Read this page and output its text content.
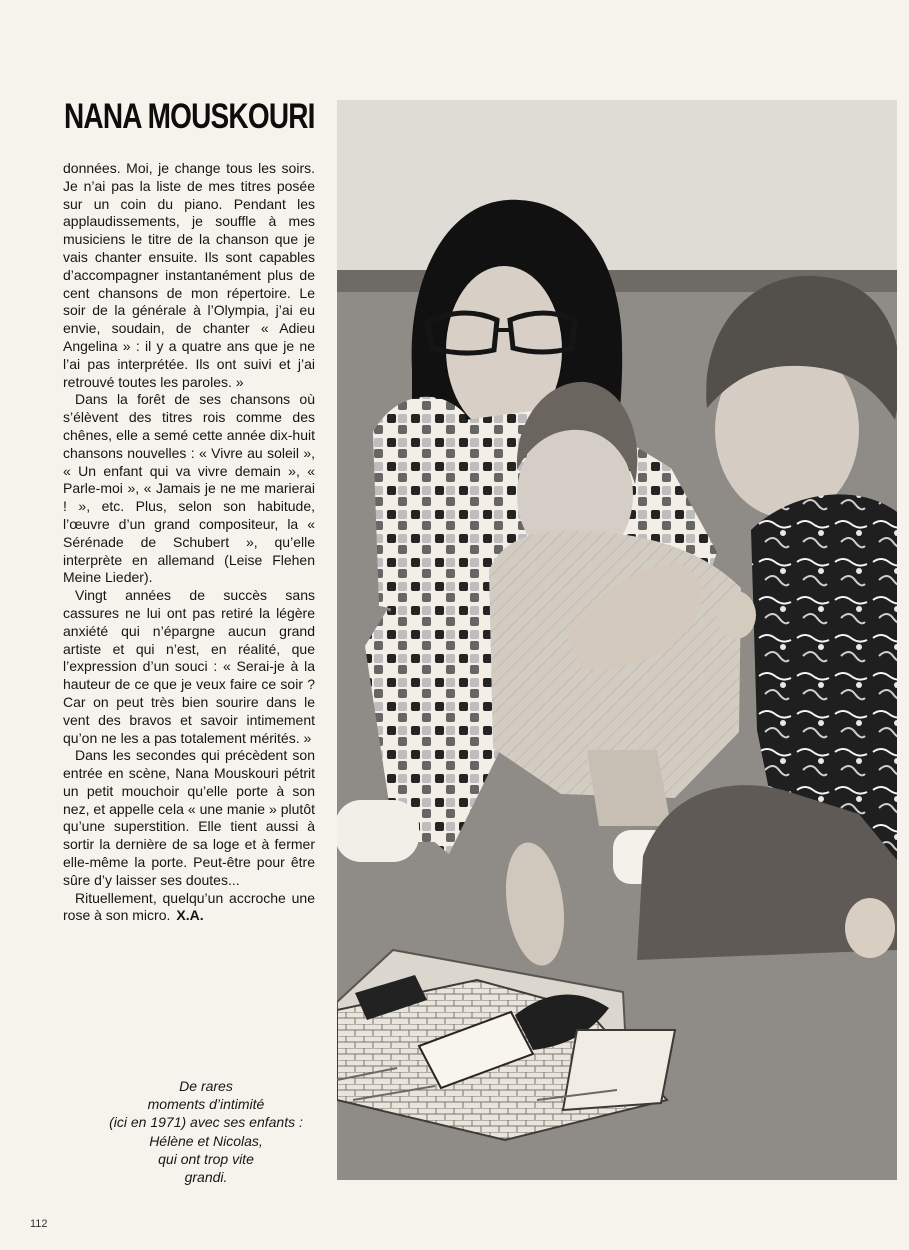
NANA MOUSKOURI

données. Moi, je change tous les soirs. Je n’ai pas la liste de mes titres posée sur un coin du piano. Pendant les applaudissements, je souffle à mes musiciens le titre de la chanson que je vais chanter ensuite. Ils sont capables d’accompagner instantanément plus de cent chansons de mon répertoire. Le soir de la générale à l’Olympia, j’ai eu envie, soudain, de chanter « Adieu Angelina » : il y a quatre ans que je ne l’ai pas interprétée. Ils ont suivi et j’ai retrouvé toutes les paroles. »

Dans la forêt de ses chansons où s’élèvent des titres rois comme des chênes, elle a semé cette année dix-huit chansons nouvelles : « Vivre au soleil », « Un enfant qui va vivre demain », « Parle-moi », « Jamais je ne me marierai ! », etc. Plus, selon son habitude, l’œuvre d’un grand compositeur, la « Sérénade de Schubert », qu’elle interprète en allemand (Leise Flehen Meine Lieder).

Vingt années de succès sans cassures ne lui ont pas retiré la légère anxiété qui n’épargne aucun grand artiste et qui n’est, en réalité, que l’expression d’un souci : « Serai-je à la hauteur de ce que je veux faire ce soir ? Car on peut très bien sourire dans le vent des bravos et savoir intimement qu’on ne les a pas totalement mérités. »

Dans les secondes qui précèdent son entrée en scène, Nana Mouskouri pétrit un petit mouchoir qu’elle porte à son nez, et appelle cela « une manie » plutôt qu’une superstition. Elle tient aussi à sortir la dernière de sa loge et à fermer elle-même la porte. Peut-être pour être sûre d’y laisser ses doutes...

Rituellement, quelqu’un accroche une rose à son micro. X.A.

De rares
moments d’intimité
(ici en 1971) avec ses enfants :
Hélène et Nicolas,
qui ont trop vite
grandi.
112
